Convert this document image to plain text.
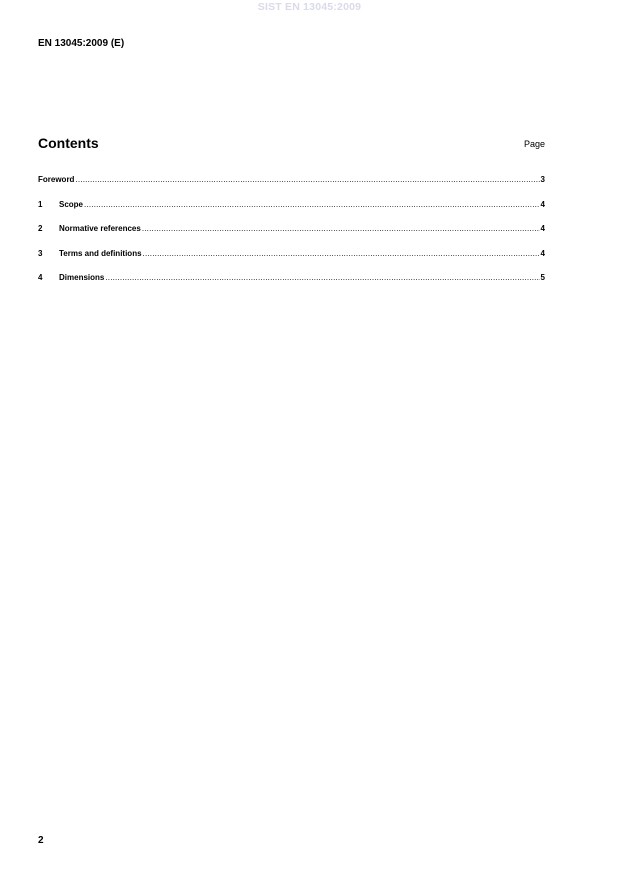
SIST EN 13045:2009
EN 13045:2009 (E)
Contents	Page
Foreword .....	3
1	Scope .....	4
2	Normative references .....	4
3	Terms and definitions .....	4
4	Dimensions .....	5
2
